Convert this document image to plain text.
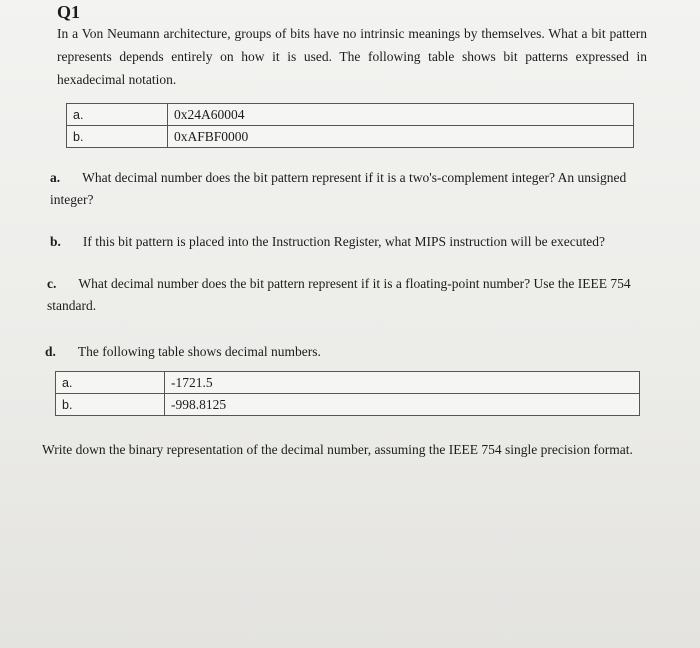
Q1
In a Von Neumann architecture, groups of bits have no intrinsic meanings by themselves. What a bit pattern represents depends entirely on how it is used. The following table shows bit patterns expressed in hexadecimal notation.
a.	0x24A60004
b.	0xAFBF0000
a. What decimal number does the bit pattern represent if it is a two's-complement integer? An unsigned integer?
b. If this bit pattern is placed into the Instruction Register, what MIPS instruction will be executed?
c. What decimal number does the bit pattern represent if it is a floating-point number? Use the IEEE 754 standard.
d. The following table shows decimal numbers.
a.	-1721.5
b.	-998.8125
Write down the binary representation of the decimal number, assuming the IEEE 754 single precision format.
